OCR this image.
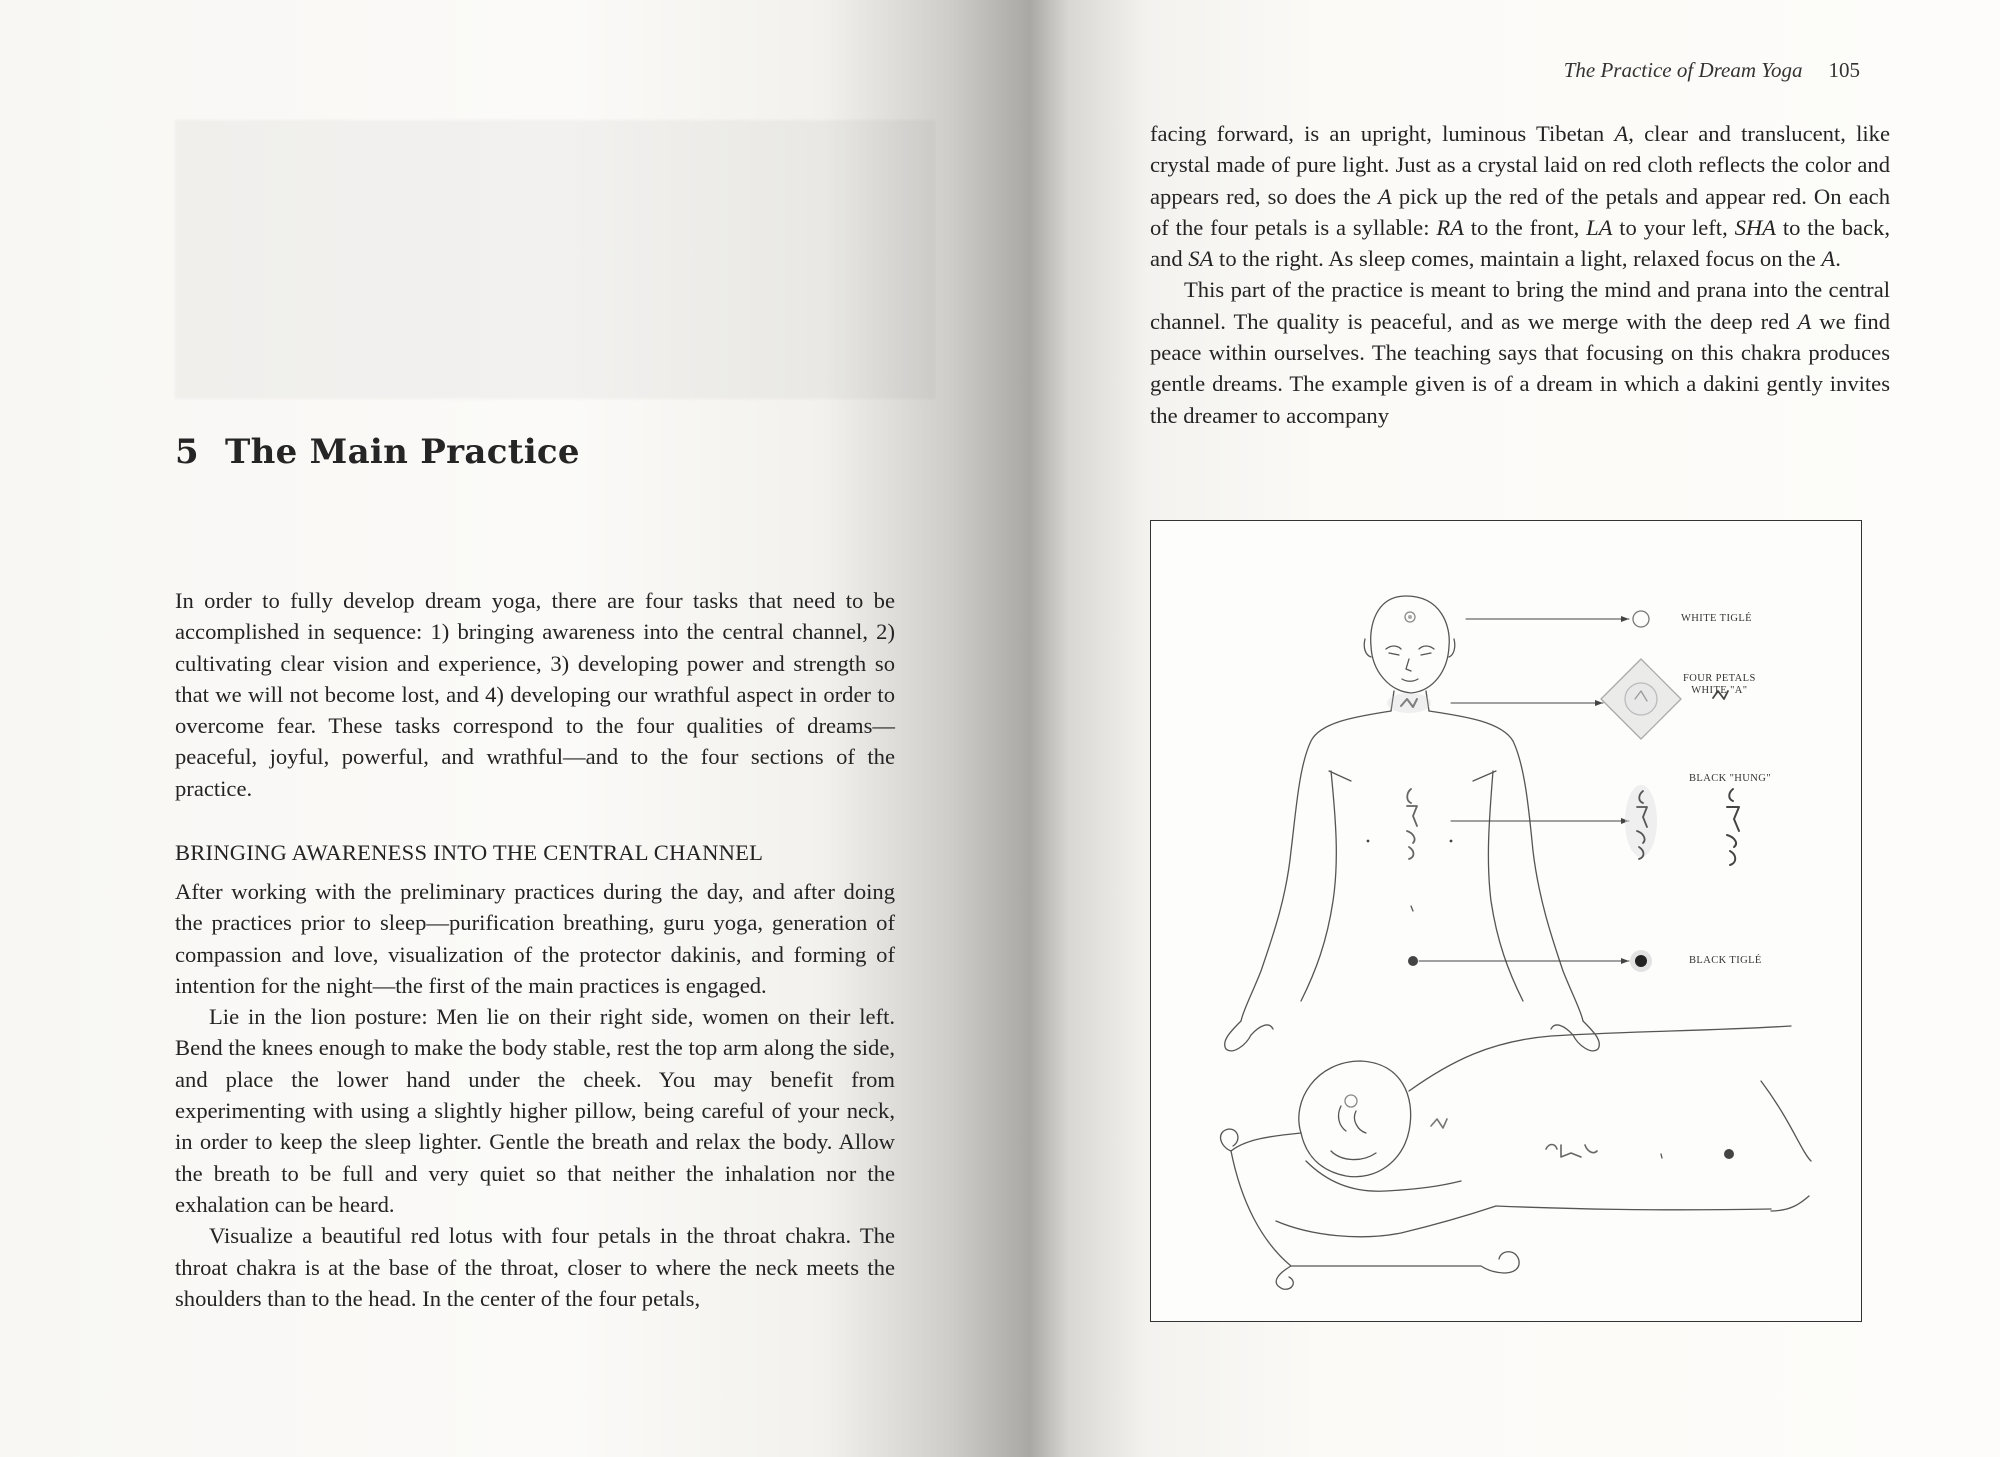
5 The Main Practice

In order to fully develop dream yoga, there are four tasks that need to be accomplished in sequence: 1) bringing awareness into the central channel, 2) cultivating clear vision and experience, 3) developing power and strength so that we will not become lost, and 4) developing our wrathful aspect in order to overcome fear. These tasks correspond to the four qualities of dreams—peaceful, joyful, powerful, and wrathful—and to the four sections of the practice.

BRINGING AWARENESS INTO THE CENTRAL CHANNEL

After working with the preliminary practices during the day, and after doing the practices prior to sleep—purification breathing, guru yoga, generation of compassion and love, visualization of the protector dakinis, and forming of intention for the night—the first of the main practices is engaged.

Lie in the lion posture: Men lie on their right side, women on their left. Bend the knees enough to make the body stable, rest the top arm along the side, and place the lower hand under the cheek. You may benefit from experimenting with using a slightly higher pillow, being careful of your neck, in order to keep the sleep lighter. Gentle the breath and relax the body. Allow the breath to be full and very quiet so that neither the inhalation nor the exhalation can be heard.

Visualize a beautiful red lotus with four petals in the throat chakra. The throat chakra is at the base of the throat, closer to where the neck meets the shoulders than to the head. In the center of the four petals,

The Practice of Dream Yoga 105

facing forward, is an upright, luminous Tibetan A, clear and translucent, like crystal made of pure light. Just as a crystal laid on red cloth reflects the color and appears red, so does the A pick up the red of the petals and appear red. On each of the four petals is a syllable: RA to the front, LA to your left, SHA to the back, and SA to the right. As sleep comes, maintain a light, relaxed focus on the A.

This part of the practice is meant to bring the mind and prana into the central channel. The quality is peaceful, and as we merge with the deep red A we find peace within ourselves. The teaching says that focusing on this chakra produces gentle dreams. The example given is of a dream in which a dakini gently invites the dreamer to accompany

WHITE TIGLÉ
FOUR PETALS
WHITE "A"
BLACK "HUNG"
BLACK TIGLÉ
